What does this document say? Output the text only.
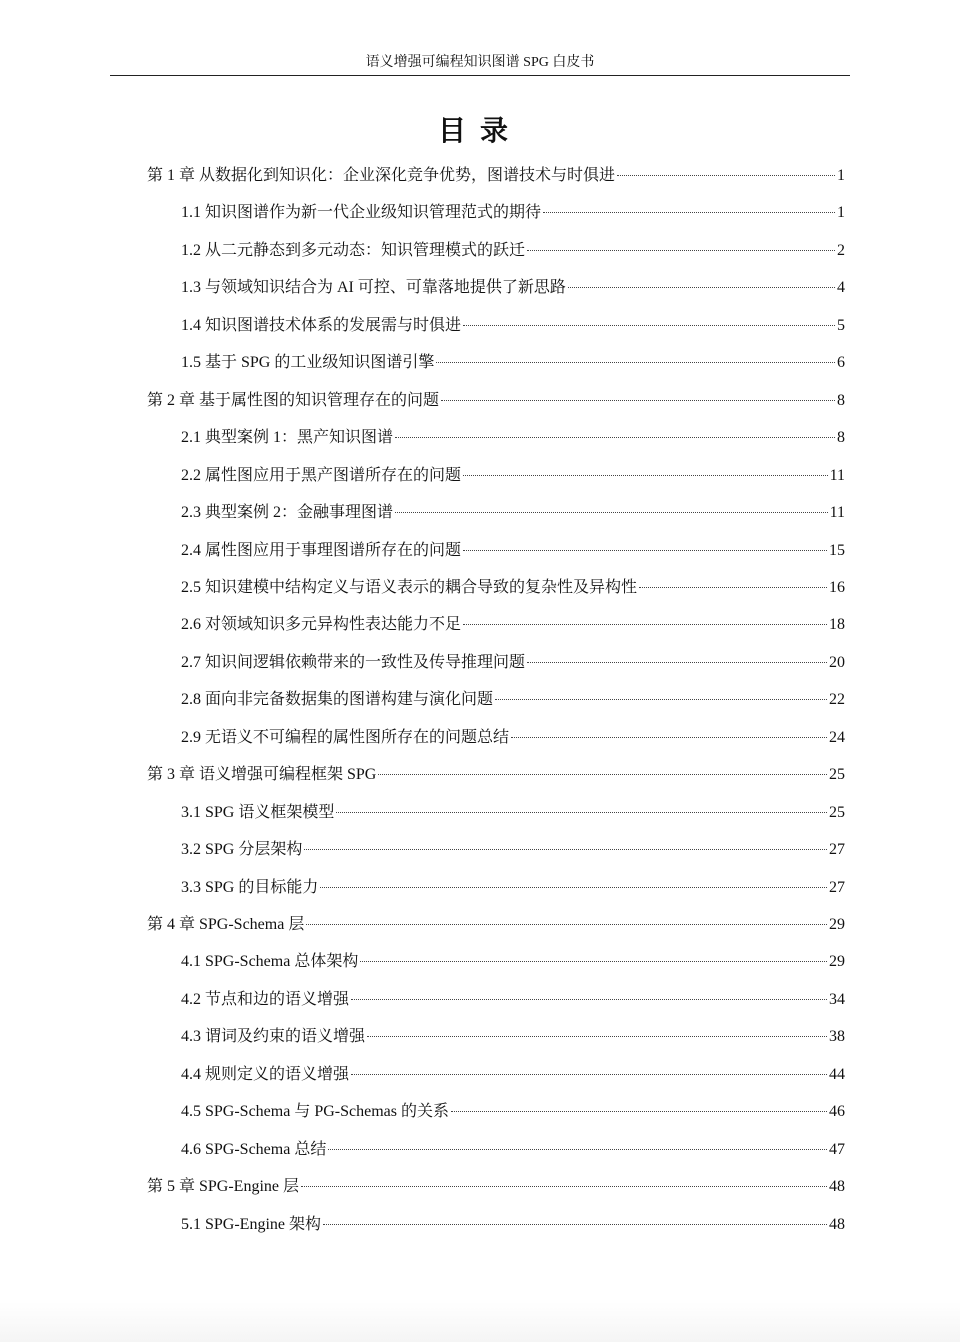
语义增强可编程知识图谱 SPG 白皮书
目录
第 1 章 从数据化到知识化：企业深化竞争优势，图谱技术与时俱进	1
1.1 知识图谱作为新一代企业级知识管理范式的期待	1
1.2 从二元静态到多元动态：知识管理模式的跃迁	2
1.3 与领域知识结合为 AI 可控、可靠落地提供了新思路	4
1.4 知识图谱技术体系的发展需与时俱进	5
1.5 基于 SPG 的工业级知识图谱引擎	6
第 2 章 基于属性图的知识管理存在的问题	8
2.1 典型案例 1：黑产知识图谱	8
2.2 属性图应用于黑产图谱所存在的问题	11
2.3 典型案例 2：金融事理图谱	11
2.4 属性图应用于事理图谱所存在的问题	15
2.5 知识建模中结构定义与语义表示的耦合导致的复杂性及异构性	16
2.6 对领域知识多元异构性表达能力不足	18
2.7 知识间逻辑依赖带来的一致性及传导推理问题	20
2.8 面向非完备数据集的图谱构建与演化问题	22
2.9 无语义不可编程的属性图所存在的问题总结	24
第 3 章 语义增强可编程框架 SPG	25
3.1 SPG 语义框架模型	25
3.2 SPG 分层架构	27
3.3 SPG 的目标能力	27
第 4 章 SPG-Schema 层	29
4.1 SPG-Schema 总体架构	29
4.2 节点和边的语义增强	34
4.3 谓词及约束的语义增强	38
4.4 规则定义的语义增强	44
4.5 SPG-Schema 与 PG-Schemas 的关系	46
4.6 SPG-Schema 总结	47
第 5 章 SPG-Engine 层	48
5.1 SPG-Engine 架构	48
